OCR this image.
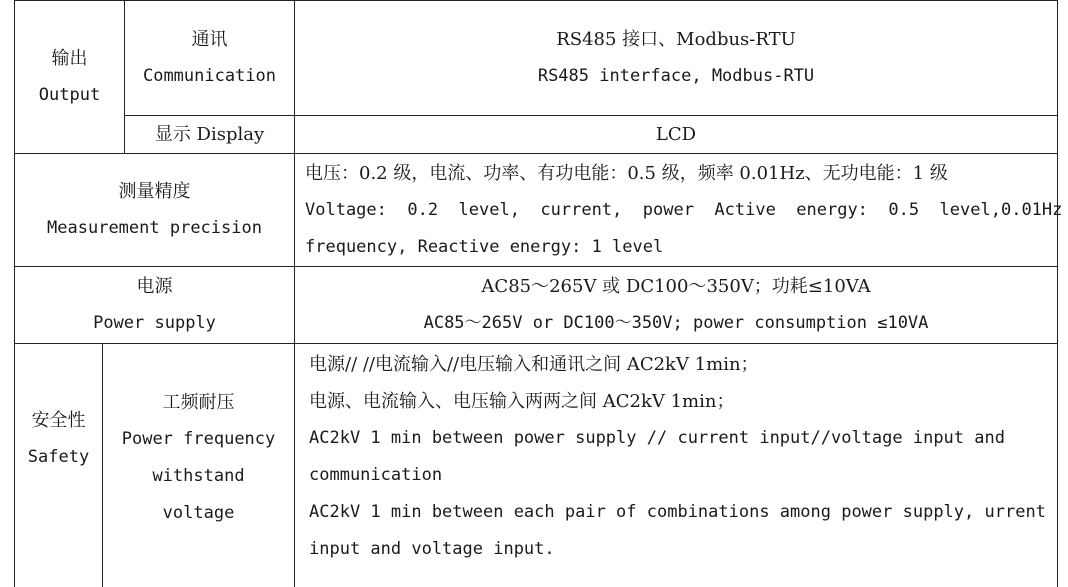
输出
Output
通讯
Communication
RS485 接口、Modbus-RTU
RS485 interface, Modbus-RTU
显示 Display	LCD
测量精度
Measurement precision
电压：0.2 级，电流、功率、有功电能：0.5 级，频率 0.01Hz、无功电能：1 级
Voltage:  0.2  level,  current,  power  Active  energy:  0.5  level,0.01Hz
frequency, Reactive energy: 1 level
电源
Power supply
AC85～265V 或 DC100～350V；功耗≤10VA
AC85～265V or DC100～350V; power consumption ≤10VA
安全性
Safety
工频耐压
Power frequency
withstand
voltage
电源// //电流输入//电压输入和通讯之间 AC2kV 1min；
电源、电流输入、电压输入两两之间 AC2kV 1min；
AC2kV 1 min between power supply // current input//voltage input and
communication
AC2kV 1 min between each pair of combinations among power supply, urrent
input and voltage input.
